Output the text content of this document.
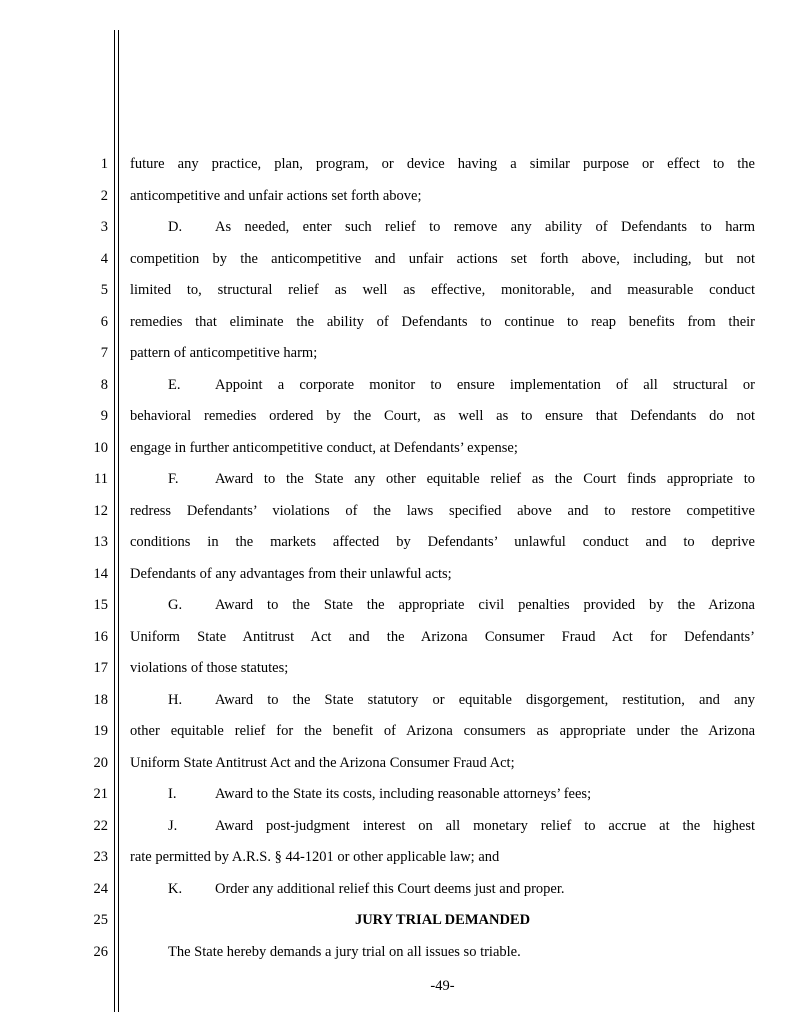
1
2
3
4
5
6
7
8
9
10
11
12
13
14
15
16
17
18
19
20
21
22
23
24
25
26
future any practice, plan, program, or device having a similar purpose or effect to the
anticompetitive and unfair actions set forth above;
D. As needed, enter such relief to remove any ability of Defendants to harm
competition by the anticompetitive and unfair actions set forth above, including, but not
limited to, structural relief as well as effective, monitorable, and measurable conduct
remedies that eliminate the ability of Defendants to continue to reap benefits from their
pattern of anticompetitive harm;
E. Appoint a corporate monitor to ensure implementation of all structural or
behavioral remedies ordered by the Court, as well as to ensure that Defendants do not
engage in further anticompetitive conduct, at Defendants’ expense;
F.	Award to the State any other equitable relief as the Court finds appropriate to
redress Defendants’ violations of the laws specified above and to restore competitive
conditions in the markets affected by Defendants’ unlawful conduct and to deprive
Defendants of any advantages from their unlawful acts;
G. Award to the State the appropriate civil penalties provided by the Arizona
Uniform State Antitrust Act and the Arizona Consumer Fraud Act for Defendants’
violations of those statutes;
H. Award to the State statutory or equitable disgorgement, restitution, and any
other equitable relief for the benefit of Arizona consumers as appropriate under the Arizona
Uniform State Antitrust Act and the Arizona Consumer Fraud Act;
I.	Award to the State its costs, including reasonable attorneys’ fees;
J.	Award post-judgment interest on all monetary relief to accrue at the highest
rate permitted by A.R.S. § 44-1201 or other applicable law; and
K. Order any additional relief this Court deems just and proper.
JURY TRIAL DEMANDED
The State hereby demands a jury trial on all issues so triable.
-49-
